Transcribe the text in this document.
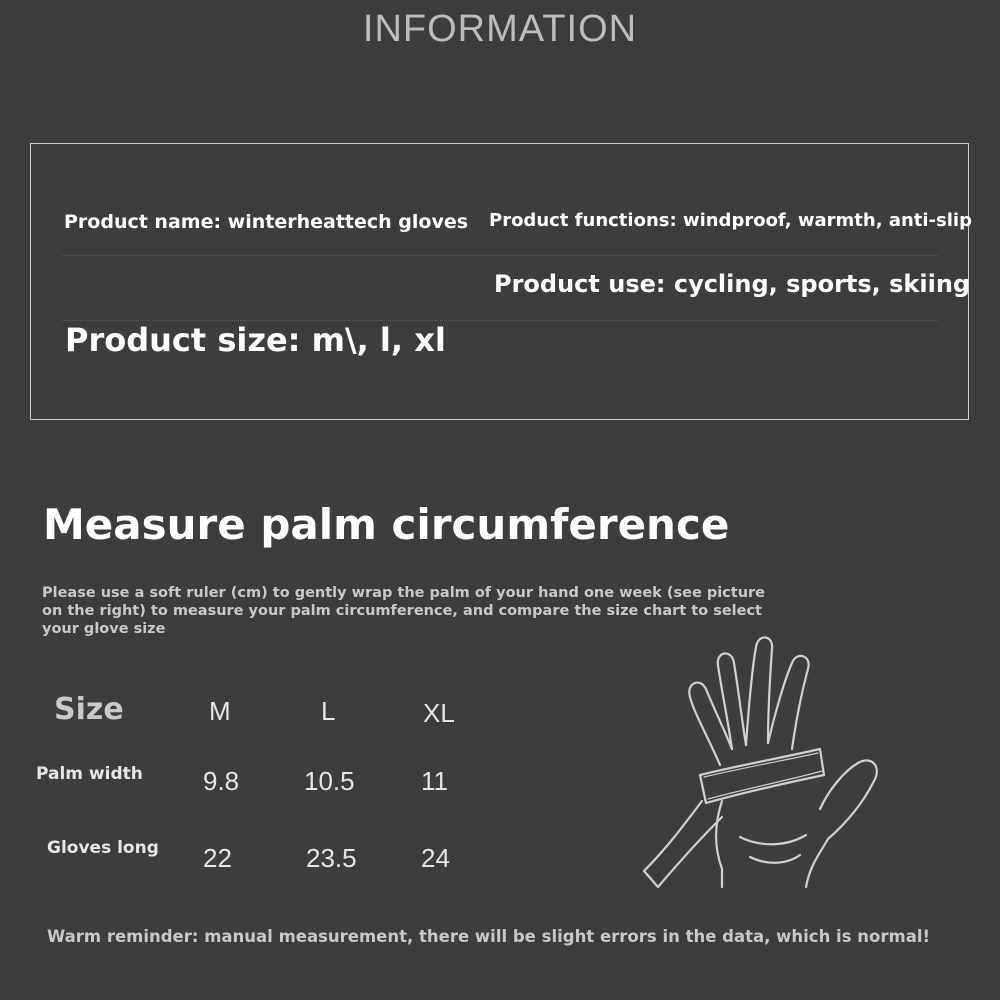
INFORMATION
Product name: winterheattech gloves Product functions: windproof, warmth, anti-slip
Product use: cycling, sports, skiing
Product size: m\, l, xl
Measure palm circumference
Please use a soft ruler (cm) to gently wrap the palm of your hand one week (see picture on the right) to measure your palm circumference, and compare the size chart to select your glove size
Size	M	L	XL
Palm width 9.8 10.5	11
Gloves long 22	23.5 24
Warm reminder: manual measurement, there will be slight errors in the data, which is normal!
